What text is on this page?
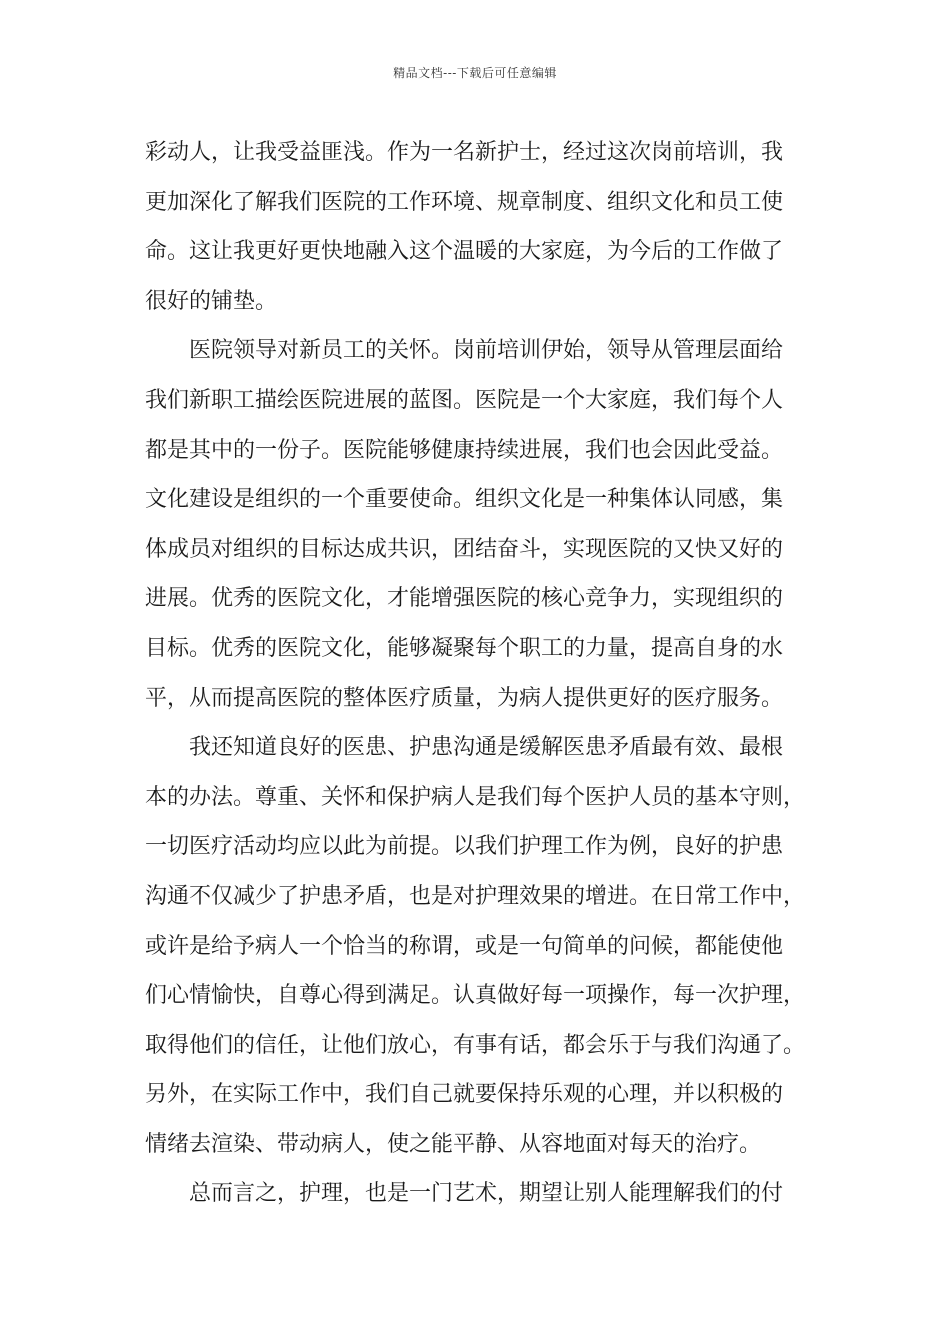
精品文档---下载后可任意编辑
彩动人，让我受益匪浅。作为一名新护士，经过这次岗前培训，我
更加深化了解我们医院的工作环境、规章制度、组织文化和员工使
命。这让我更好更快地融入这个温暖的大家庭，为今后的工作做了
很好的铺垫。
医院领导对新员工的关怀。岗前培训伊始，领导从管理层面给
我们新职工描绘医院进展的蓝图。医院是一个大家庭，我们每个人
都是其中的一份子。医院能够健康持续进展，我们也会因此受益。
文化建设是组织的一个重要使命。组织文化是一种集体认同感，集
体成员对组织的目标达成共识，团结奋斗，实现医院的又快又好的
进展。优秀的医院文化，才能增强医院的核心竞争力，实现组织的
目标。优秀的医院文化，能够凝聚每个职工的力量，提高自身的水
平，从而提高医院的整体医疗质量，为病人提供更好的医疗服务。
我还知道良好的医患、护患沟通是缓解医患矛盾最有效、最根
本的办法。尊重、关怀和保护病人是我们每个医护人员的基本守则，
一切医疗活动均应以此为前提。以我们护理工作为例，良好的护患
沟通不仅减少了护患矛盾，也是对护理效果的增进。在日常工作中，
或许是给予病人一个恰当的称谓，或是一句简单的问候，都能使他
们心情愉快，自尊心得到满足。认真做好每一项操作，每一次护理，
取得他们的信任，让他们放心，有事有话，都会乐于与我们沟通了。
另外，在实际工作中，我们自己就要保持乐观的心理，并以积极的
情绪去渲染、带动病人，使之能平静、从容地面对每天的治疗。
总而言之，护理，也是一门艺术，期望让别人能理解我们的付
